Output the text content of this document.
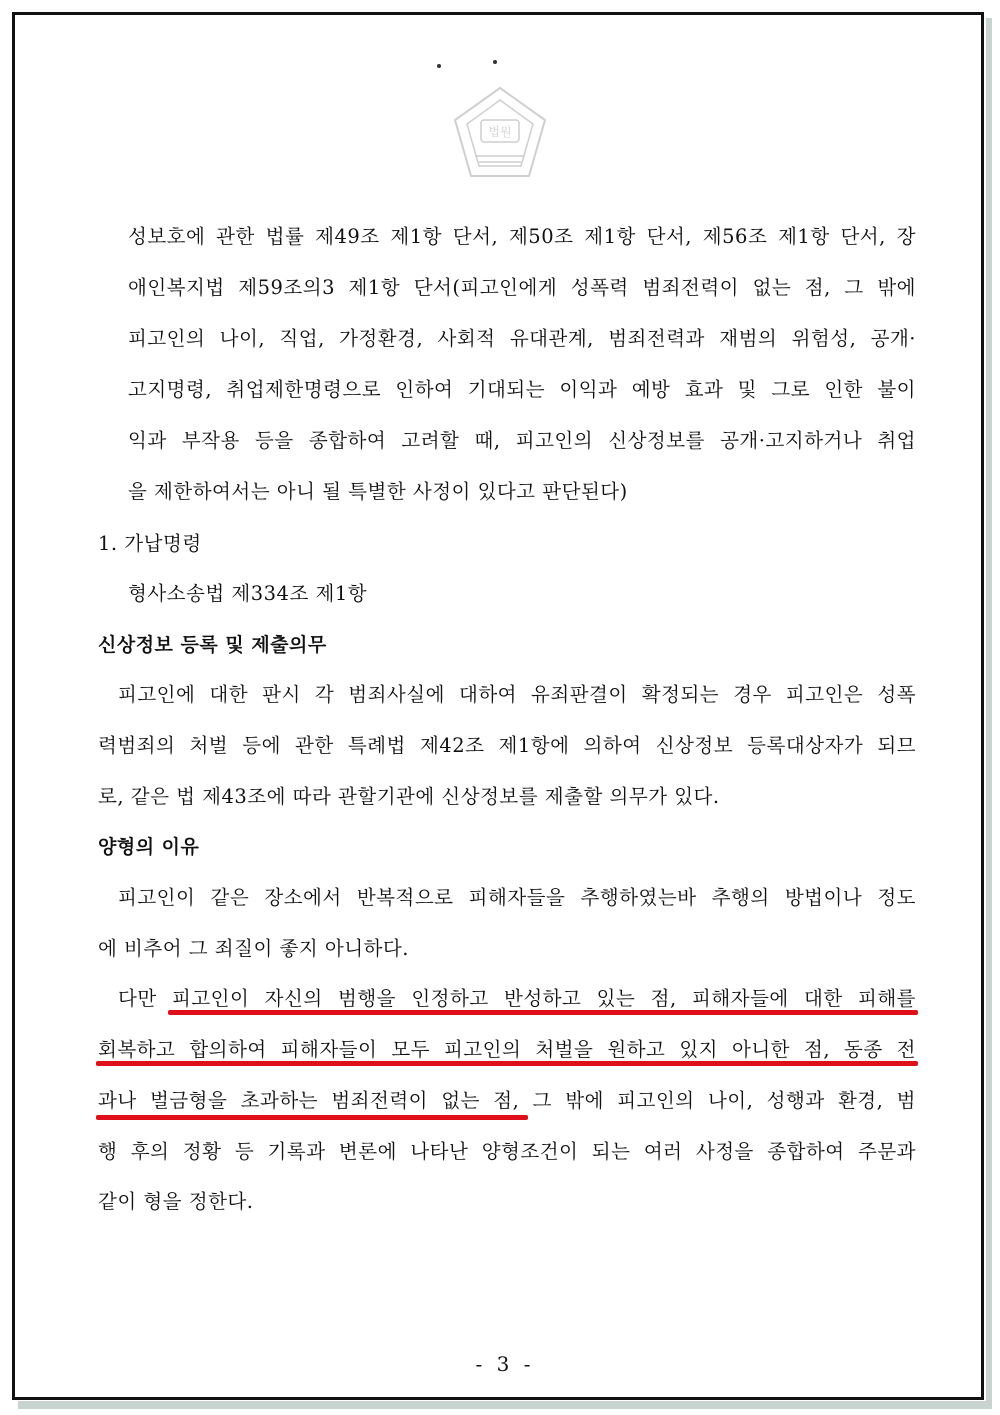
법원
성보호에 관한 법률 제49조 제1항 단서, 제50조 제1항 단서, 제56조 제1항 단서, 장
애인복지법 제59조의3 제1항 단서(피고인에게 성폭력 범죄전력이 없는 점, 그 밖에
피고인의 나이, 직업, 가정환경, 사회적 유대관계, 범죄전력과 재범의 위험성, 공개·
고지명령, 취업제한명령으로 인하여 기대되는 이익과 예방 효과 및 그로 인한 불이
익과 부작용 등을 종합하여 고려할 때, 피고인의 신상정보를 공개·고지하거나 취업
을 제한하여서는 아니 될 특별한 사정이 있다고 판단된다)
1. 가납명령
형사소송법 제334조 제1항
신상정보 등록 및 제출의무
피고인에 대한 판시 각 범죄사실에 대하여 유죄판결이 확정되는 경우 피고인은 성폭
력범죄의 처벌 등에 관한 특례법 제42조 제1항에 의하여 신상정보 등록대상자가 되므
로, 같은 법 제43조에 따라 관할기관에 신상정보를 제출할 의무가 있다.
양형의 이유
피고인이 같은 장소에서 반복적으로 피해자들을 추행하였는바 추행의 방법이나 정도
에 비추어 그 죄질이 좋지 아니하다.
다만 피고인이 자신의 범행을 인정하고 반성하고 있는 점, 피해자들에 대한 피해를
회복하고 합의하여 피해자들이 모두 피고인의 처벌을 원하고 있지 아니한 점, 동종 전
과나 벌금형을 초과하는 범죄전력이 없는 점, 그 밖에 피고인의 나이, 성행과 환경, 범
행 후의 정황 등 기록과 변론에 나타난 양형조건이 되는 여러 사정을 종합하여 주문과
같이 형을 정한다.
- 3 -
